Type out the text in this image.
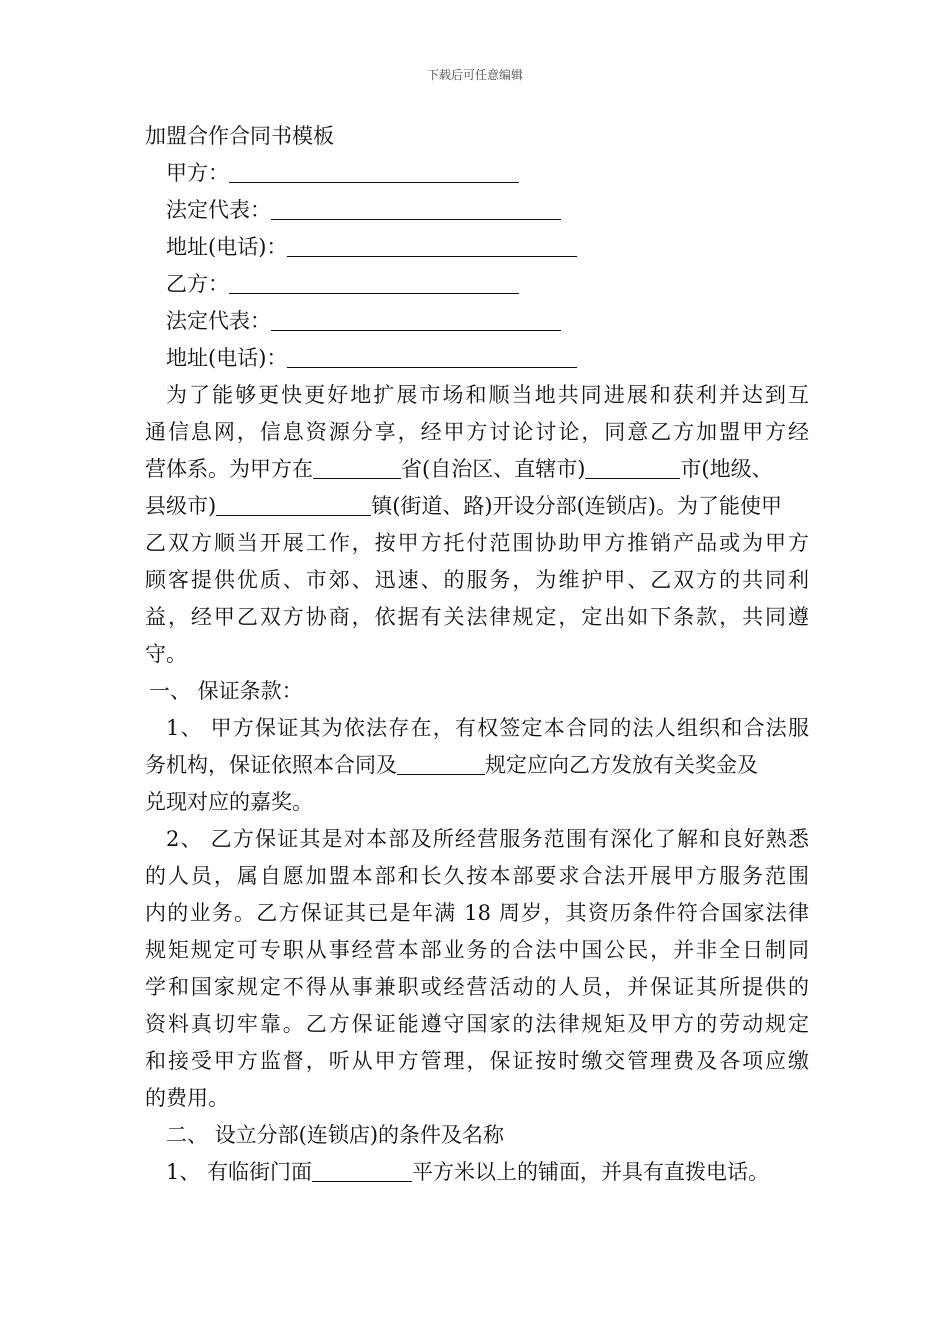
下载后可任意编辑
加盟合作合同书模板
甲方：
法定代表：
地址(电话)：
乙方：
法定代表：
地址(电话)：
为了能够更快更好地扩展市场和顺当地共同进展和获利并达到互
通信息网，信息资源分享，经甲方讨论讨论，同意乙方加盟甲方经
营体系。为甲方在	省(自治区、直辖市)	市(地级、
县级市)	镇(街道、路)开设分部(连锁店)。为了能使甲
乙双方顺当开展工作，按甲方托付范围协助甲方推销产品或为甲方
顾客提供优质、市郊、迅速、的服务，为维护甲、乙双方的共同利
益，经甲乙双方协商，依据有关法律规定，定出如下条款，共同遵
守。
一、 保证条款：
1、 甲方保证其为依法存在，有权签定本合同的法人组织和合法服
务机构，保证依照本合同及	规定应向乙方发放有关奖金及
兑现对应的嘉奖。
2、 乙方保证其是对本部及所经营服务范围有深化了解和良好熟悉
的人员，属自愿加盟本部和长久按本部要求合法开展甲方服务范围
内的业务。乙方保证其已是年满 18 周岁，其资历条件符合国家法律
规矩规定可专职从事经营本部业务的合法中国公民，并非全日制同
学和国家规定不得从事兼职或经营活动的人员，并保证其所提供的
资料真切牢靠。乙方保证能遵守国家的法律规矩及甲方的劳动规定
和接受甲方监督，听从甲方管理，保证按时缴交管理费及各项应缴
的费用。
二、 设立分部(连锁店)的条件及名称
1、 有临街门面	平方米以上的铺面，并具有直拨电话。
